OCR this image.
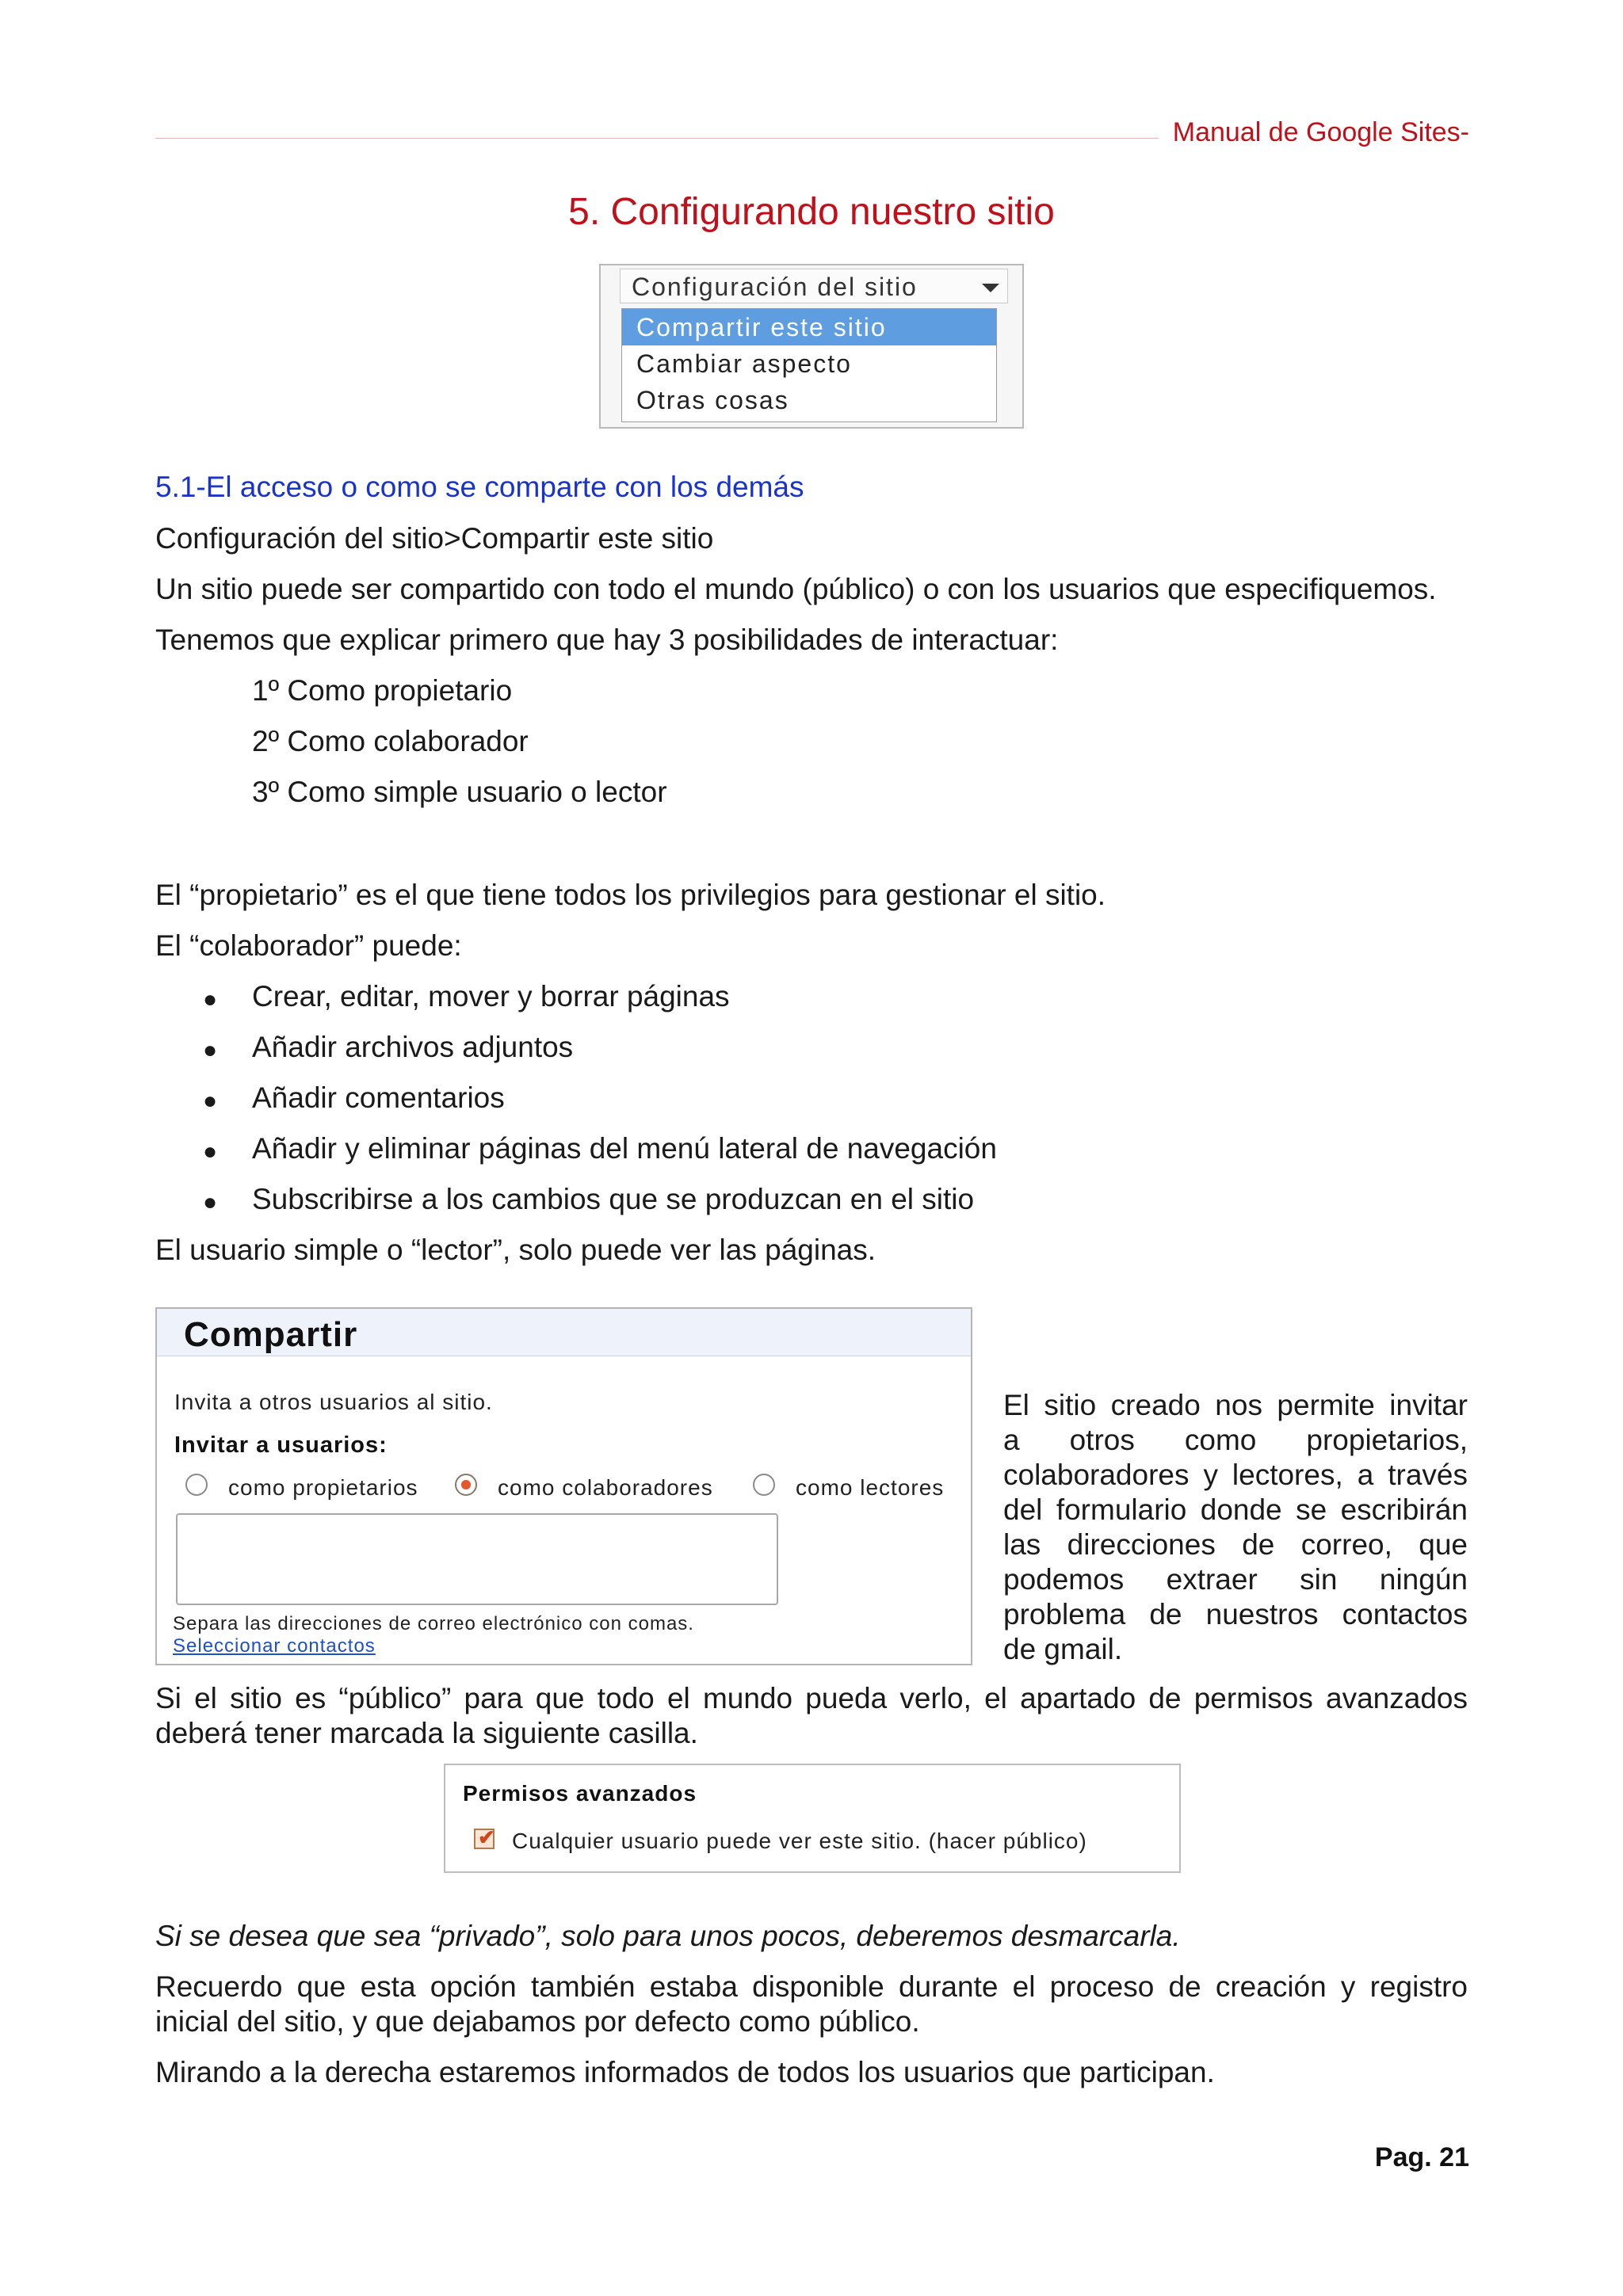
Manual de Google Sites-
5. Configurando nuestro sitio
Configuración del sitio
Compartir este sitio
Cambiar aspecto
Otras cosas
5.1-El acceso o como se comparte con los demás
Configuración del sitio>Compartir este sitio
Un sitio puede ser compartido con todo el mundo (público) o con los usuarios que especifiquemos.
Tenemos que explicar primero que hay 3 posibilidades de interactuar:
1º Como propietario
2º Como colaborador
3º Como simple usuario o lector
El “propietario” es el que tiene todos los privilegios para gestionar el sitio.
El “colaborador” puede:
● Crear, editar, mover y borrar páginas
● Añadir archivos adjuntos
● Añadir comentarios
● Añadir y eliminar páginas del menú lateral de navegación
● Subscribirse a los cambios que se produzcan en el sitio
El usuario simple o “lector”, solo puede ver las páginas.
Compartir
Invita a otros usuarios al sitio.
Invitar a usuarios:
como propietarios	como colaboradores	como lectores
Separa las direcciones de correo electrónico con comas.
Seleccionar contactos
El sitio creado nos permite invitar
a otros como propietarios,
colaboradores y lectores, a través
del formulario donde se escribirán
las direcciones de correo, que
podemos extraer sin ningún
problema de nuestros contactos
de gmail.
Si el sitio es “público” para que todo el mundo pueda verlo, el apartado de permisos avanzados
deberá tener marcada la siguiente casilla.
Permisos avanzados
✔ Cualquier usuario puede ver este sitio. (hacer público)
Si se desea que sea “privado”, solo para unos pocos, deberemos desmarcarla.
Recuerdo que esta opción también estaba disponible durante el proceso de creación y registro
inicial del sitio, y que dejabamos por defecto como público.
Mirando a la derecha estaremos informados de todos los usuarios que participan.
Pag. 21
